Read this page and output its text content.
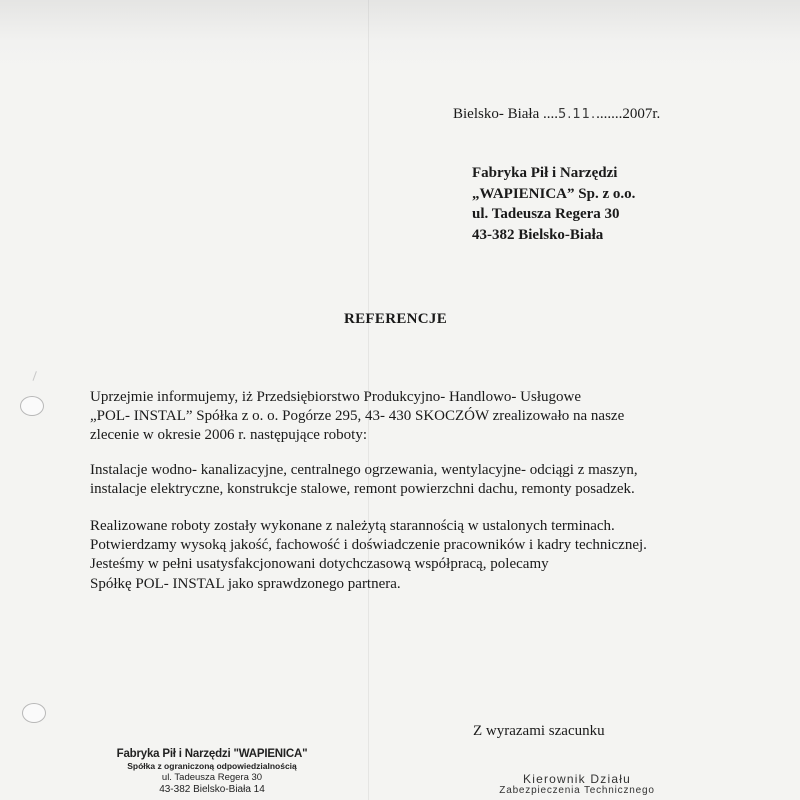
Bielsko- Biała ....5.11........2007r.
Fabryka Pił i Narzędzi
„WAPIENICA” Sp. z o.o.
ul. Tadeusza Regera 30
43-382 Bielsko-Biała
REFERENCJE
Uprzejmie informujemy, iż Przedsiębiorstwo Produkcyjno- Handlowo- Usługowe
„POL- INSTAL” Spółka z o. o. Pogórze 295, 43- 430 SKOCZÓW zrealizowało na nasze
zlecenie w okresie 2006 r. następujące roboty:
Instalacje wodno- kanalizacyjne, centralnego ogrzewania, wentylacyjne- odciągi z maszyn,
instalacje elektryczne, konstrukcje stalowe, remont powierzchni dachu, remonty posadzek.
Realizowane roboty zostały wykonane z należytą starannością w ustalonych terminach.
Potwierdzamy wysoką jakość, fachowość i doświadczenie pracowników i kadry technicznej.
Jesteśmy w pełni usatysfakcjonowani dotychczasową współpracą, polecamy
Spółkę POL- INSTAL jako sprawdzonego partnera.
Z wyrazami szacunku
Fabryka Pił i Narzędzi "WAPIENICA"
Spółka z ograniczoną odpowiedzialnością
ul. Tadeusza Regera 30
43-382 Bielsko-Biała 14
Kierownik Działu
Zabezpieczenia Technicznego
